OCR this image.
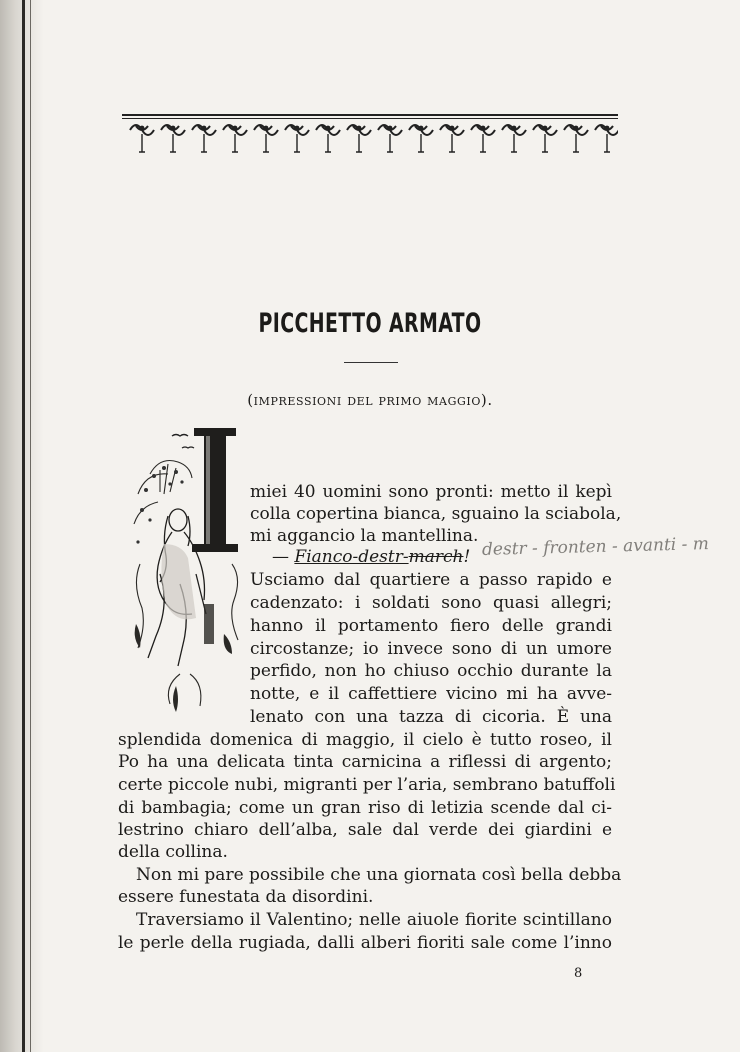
PICCHETTO ARMATO

(impressioni del primo maggio).

miei 40 uomini sono pronti: metto il kepì

colla copertina bianca, sguaino la sciabola,

mi aggancio la mantellina.

— Fianco-destr-march! destr - fronten - avanti - m

Usciamo dal quartiere a passo rapido e

cadenzato: i soldati sono quasi allegri;

hanno il portamento fiero delle grandi

circostanze; io invece sono di un umore

perfido, non ho chiuso occhio durante la

notte, e il caffettiere vicino mi ha avve-

lenato con una tazza di cicoria. È una

splendida domenica di maggio, il cielo è tutto roseo, il

Po ha una delicata tinta carnicina a riflessi di argento;

certe piccole nubi, migranti per l’aria, sembrano batuffoli

di bambagia; come un gran riso di letizia scende dal ci-

lestrino chiaro dell’alba, sale dal verde dei giardini e

della collina.

Non mi pare possibile che una giornata così bella debba

essere funestata da disordini.

Traversiamo il Valentino; nelle aiuole fiorite scintillano

le perle della rugiada, dalli alberi fioriti sale come l’inno

8
